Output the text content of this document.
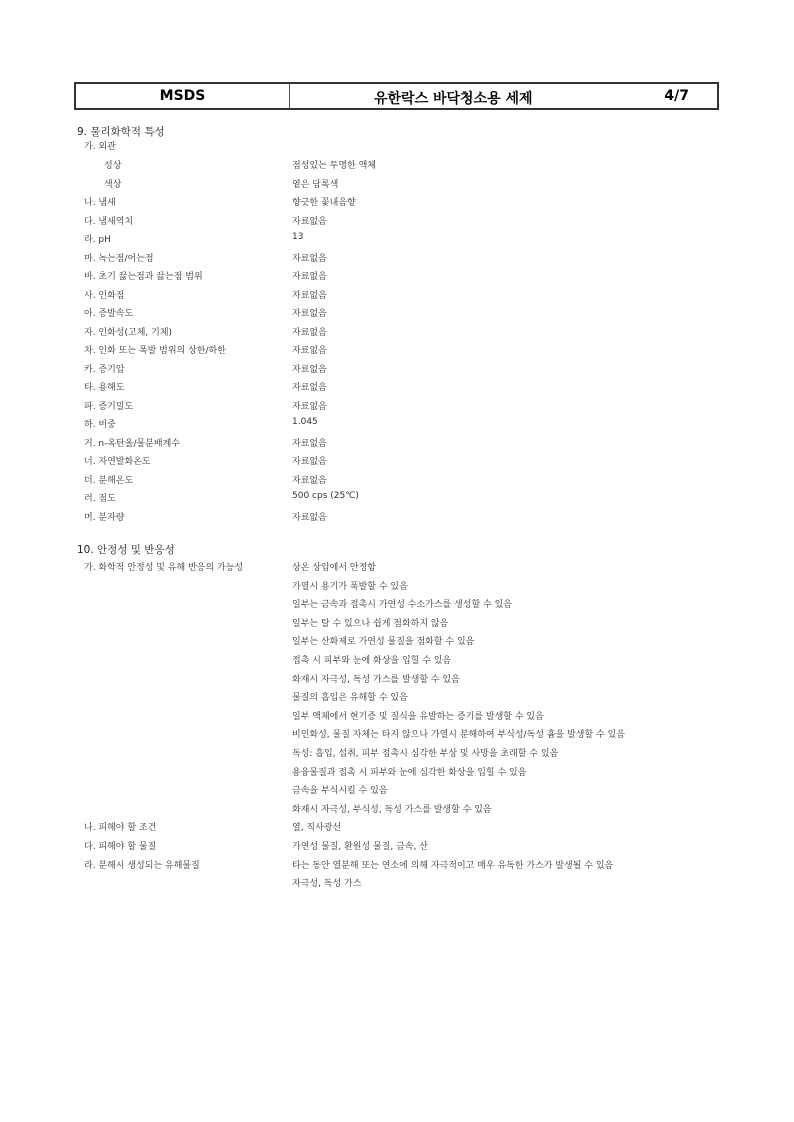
MSDS	유한락스 바닥청소용 세제	4/7
9. 물리화학적 특성
가. 외관
성상	점성있는 투명한 액체
색상	옅은 담록색
나. 냄새	향긋한 꽃내음향
다. 냄새역치	자료없음
라. pH	13
마. 녹는점/어는점	자료없음
바. 초기 끓는점과 끓는점 범위	자료없음
사. 인화점	자료없음
아. 증발속도	자료없음
자. 인화성(고체, 기체)	자료없음
차. 인화 또는 폭발 범위의 상한/하한	자료없음
카. 증기압	자료없음
타. 용해도	자료없음
파. 증기밀도	자료없음
하. 비중	1.045
거. n-옥탄올/물분배계수	자료없음
너. 자연발화온도	자료없음
더. 분해온도	자료없음
러. 점도	500 cps (25℃)
머. 분자량	자료없음
10. 안정성 및 반응성
가. 화학적 안정성 및 유해 반응의 가능성	상온 상압에서 안정함
가열시 용기가 폭발할 수 있음
일부는 금속과 접촉시 가연성 수소가스를 생성할 수 있음
일부는 탈 수 있으나 쉽게 점화하지 않음
일부는 산화제로 가연성 물질을 점화할 수 있음
접촉 시 피부와 눈에 화상을 입힐 수 있음
화재시 자극성, 독성 가스를 발생할 수 있음
물질의 흡입은 유해할 수 있음
일부 액체에서 현기증 및 질식을 유발하는 증기를 발생할 수 있음
비인화성, 물질 자체는 타지 않으나 가열시 분해하여 부식성/독성 흄을 발생할 수 있음
독성: 흡입, 섭취, 피부 접촉시 심각한 부상 및 사망을 초래할 수 있음
용융물질과 접촉 시 피부와 눈에 심각한 화상을 입힐 수 있음
금속을 부식시킬 수 있음
화재시 자극성, 부식성, 독성 가스를 발생할 수 있음
나. 피해야 할 조건	열, 직사광선
다. 피해야 할 물질	가연성 물질, 환원성 물질, 금속, 산
라. 분해시 생성되는 유해물질	타는 동안 열분해 또는 연소에 의해 자극적이고 매우 유독한 가스가 발생될 수 있음
자극성, 독성 가스
